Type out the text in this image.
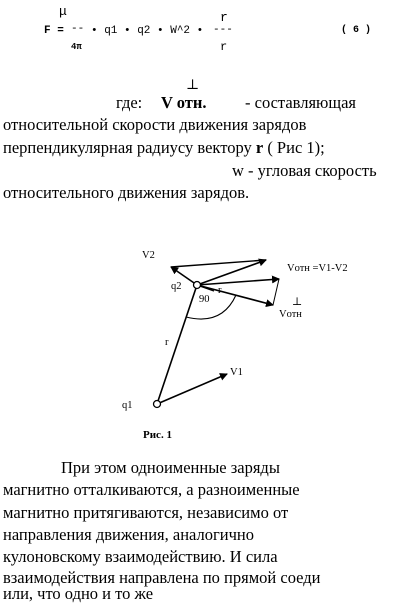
μ
F = --
4π
• q1 • q2 • W^2 •
r
---
r
( 6 )
где: V отн.
⊥
- составляющая
относительной скорости движения зарядов
перпендикулярная радиусу вектору r ( Рис 1);
w - угловая скорость
относительного движения зарядов.
V2
q2
Vотн =V1-V2
r
90	⊥
Vотн
r
V1
q1
Рис. 1
При этом одноименные заряды
магнитно отталкиваются, а разноименные
магнитно притягиваются, независимо от
направления движения, аналогично
кулоновскому взаимодействию. И сила
взаимодействия направлена по прямой соеди
или, что одно и то же
